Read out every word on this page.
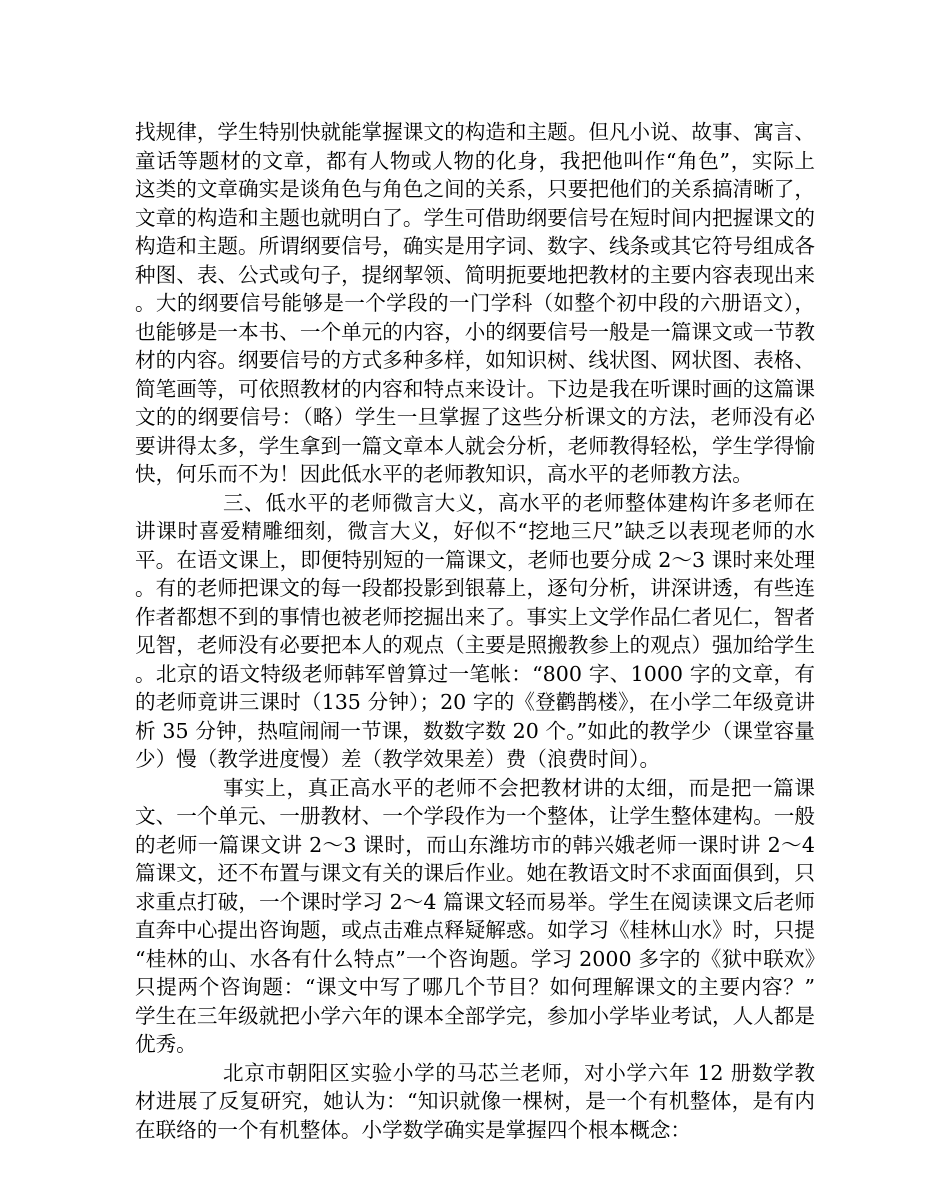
找规律，学生特别快就能掌握课文的构造和主题。但凡小说、故事、寓言、童话等题材的文章，都有人物或人物的化身，我把他叫作“角色”，实际上这类的文章确实是谈角色与角色之间的关系，只要把他们的关系搞清晰了，文章的构造和主题也就明白了。学生可借助纲要信号在短时间内把握课文的构造和主题。所谓纲要信号，确实是用字词、数字、线条或其它符号组成各种图、表、公式或句子，提纲挈领、简明扼要地把教材的主要内容表现出来。大的纲要信号能够是一个学段的一门学科（如整个初中段的六册语文），也能够是一本书、一个单元的内容，小的纲要信号一般是一篇课文或一节教材的内容。纲要信号的方式多种多样，如知识树、线状图、网状图、表格、简笔画等，可依照教材的内容和特点来设计。下边是我在听课时画的这篇课文的的纲要信号：（略）学生一旦掌握了这些分析课文的方法，老师没有必要讲得太多，学生拿到一篇文章本人就会分析，老师教得轻松，学生学得愉快，何乐而不为！因此低水平的老师教知识，高水平的老师教方法。

三、低水平的老师微言大义，高水平的老师整体建构许多老师在讲课时喜爱精雕细刻，微言大义，好似不“挖地三尺”缺乏以表现老师的水平。在语文课上，即便特别短的一篇课文，老师也要分成 2～3 课时来处理。有的老师把课文的每一段都投影到银幕上，逐句分析，讲深讲透，有些连作者都想不到的事情也被老师挖掘出来了。事实上文学作品仁者见仁，智者见智，老师没有必要把本人的观点（主要是照搬教参上的观点）强加给学生。北京的语文特级老师韩军曾算过一笔帐：“800 字、1000 字的文章，有的老师竟讲三课时（135 分钟）；20 字的《登鹳鹊楼》，在小学二年级竟讲析 35 分钟，热喧闹闹一节课，数数字数 20 个。”如此的教学少（课堂容量少）慢（教学进度慢）差（教学效果差）费（浪费时间）。

事实上，真正高水平的老师不会把教材讲的太细，而是把一篇课文、一个单元、一册教材、一个学段作为一个整体，让学生整体建构。一般的老师一篇课文讲 2～3 课时，而山东潍坊市的韩兴娥老师一课时讲 2～4 篇课文，还不布置与课文有关的课后作业。她在教语文时不求面面俱到，只求重点打破，一个课时学习 2～4 篇课文轻而易举。学生在阅读课文后老师直奔中心提出咨询题，或点击难点释疑解惑。如学习《桂林山水》时，只提“桂林的山、水各有什么特点”一个咨询题。学习 2000 多字的《狱中联欢》只提两个咨询题：“课文中写了哪几个节目？如何理解课文的主要内容？”学生在三年级就把小学六年的课本全部学完，参加小学毕业考试，人人都是优秀。

北京市朝阳区实验小学的马芯兰老师，对小学六年 12 册数学教材进展了反复研究，她认为：“知识就像一棵树，是一个有机整体，是有内在联络的一个有机整体。小学数学确实是掌握四个根本概念：
